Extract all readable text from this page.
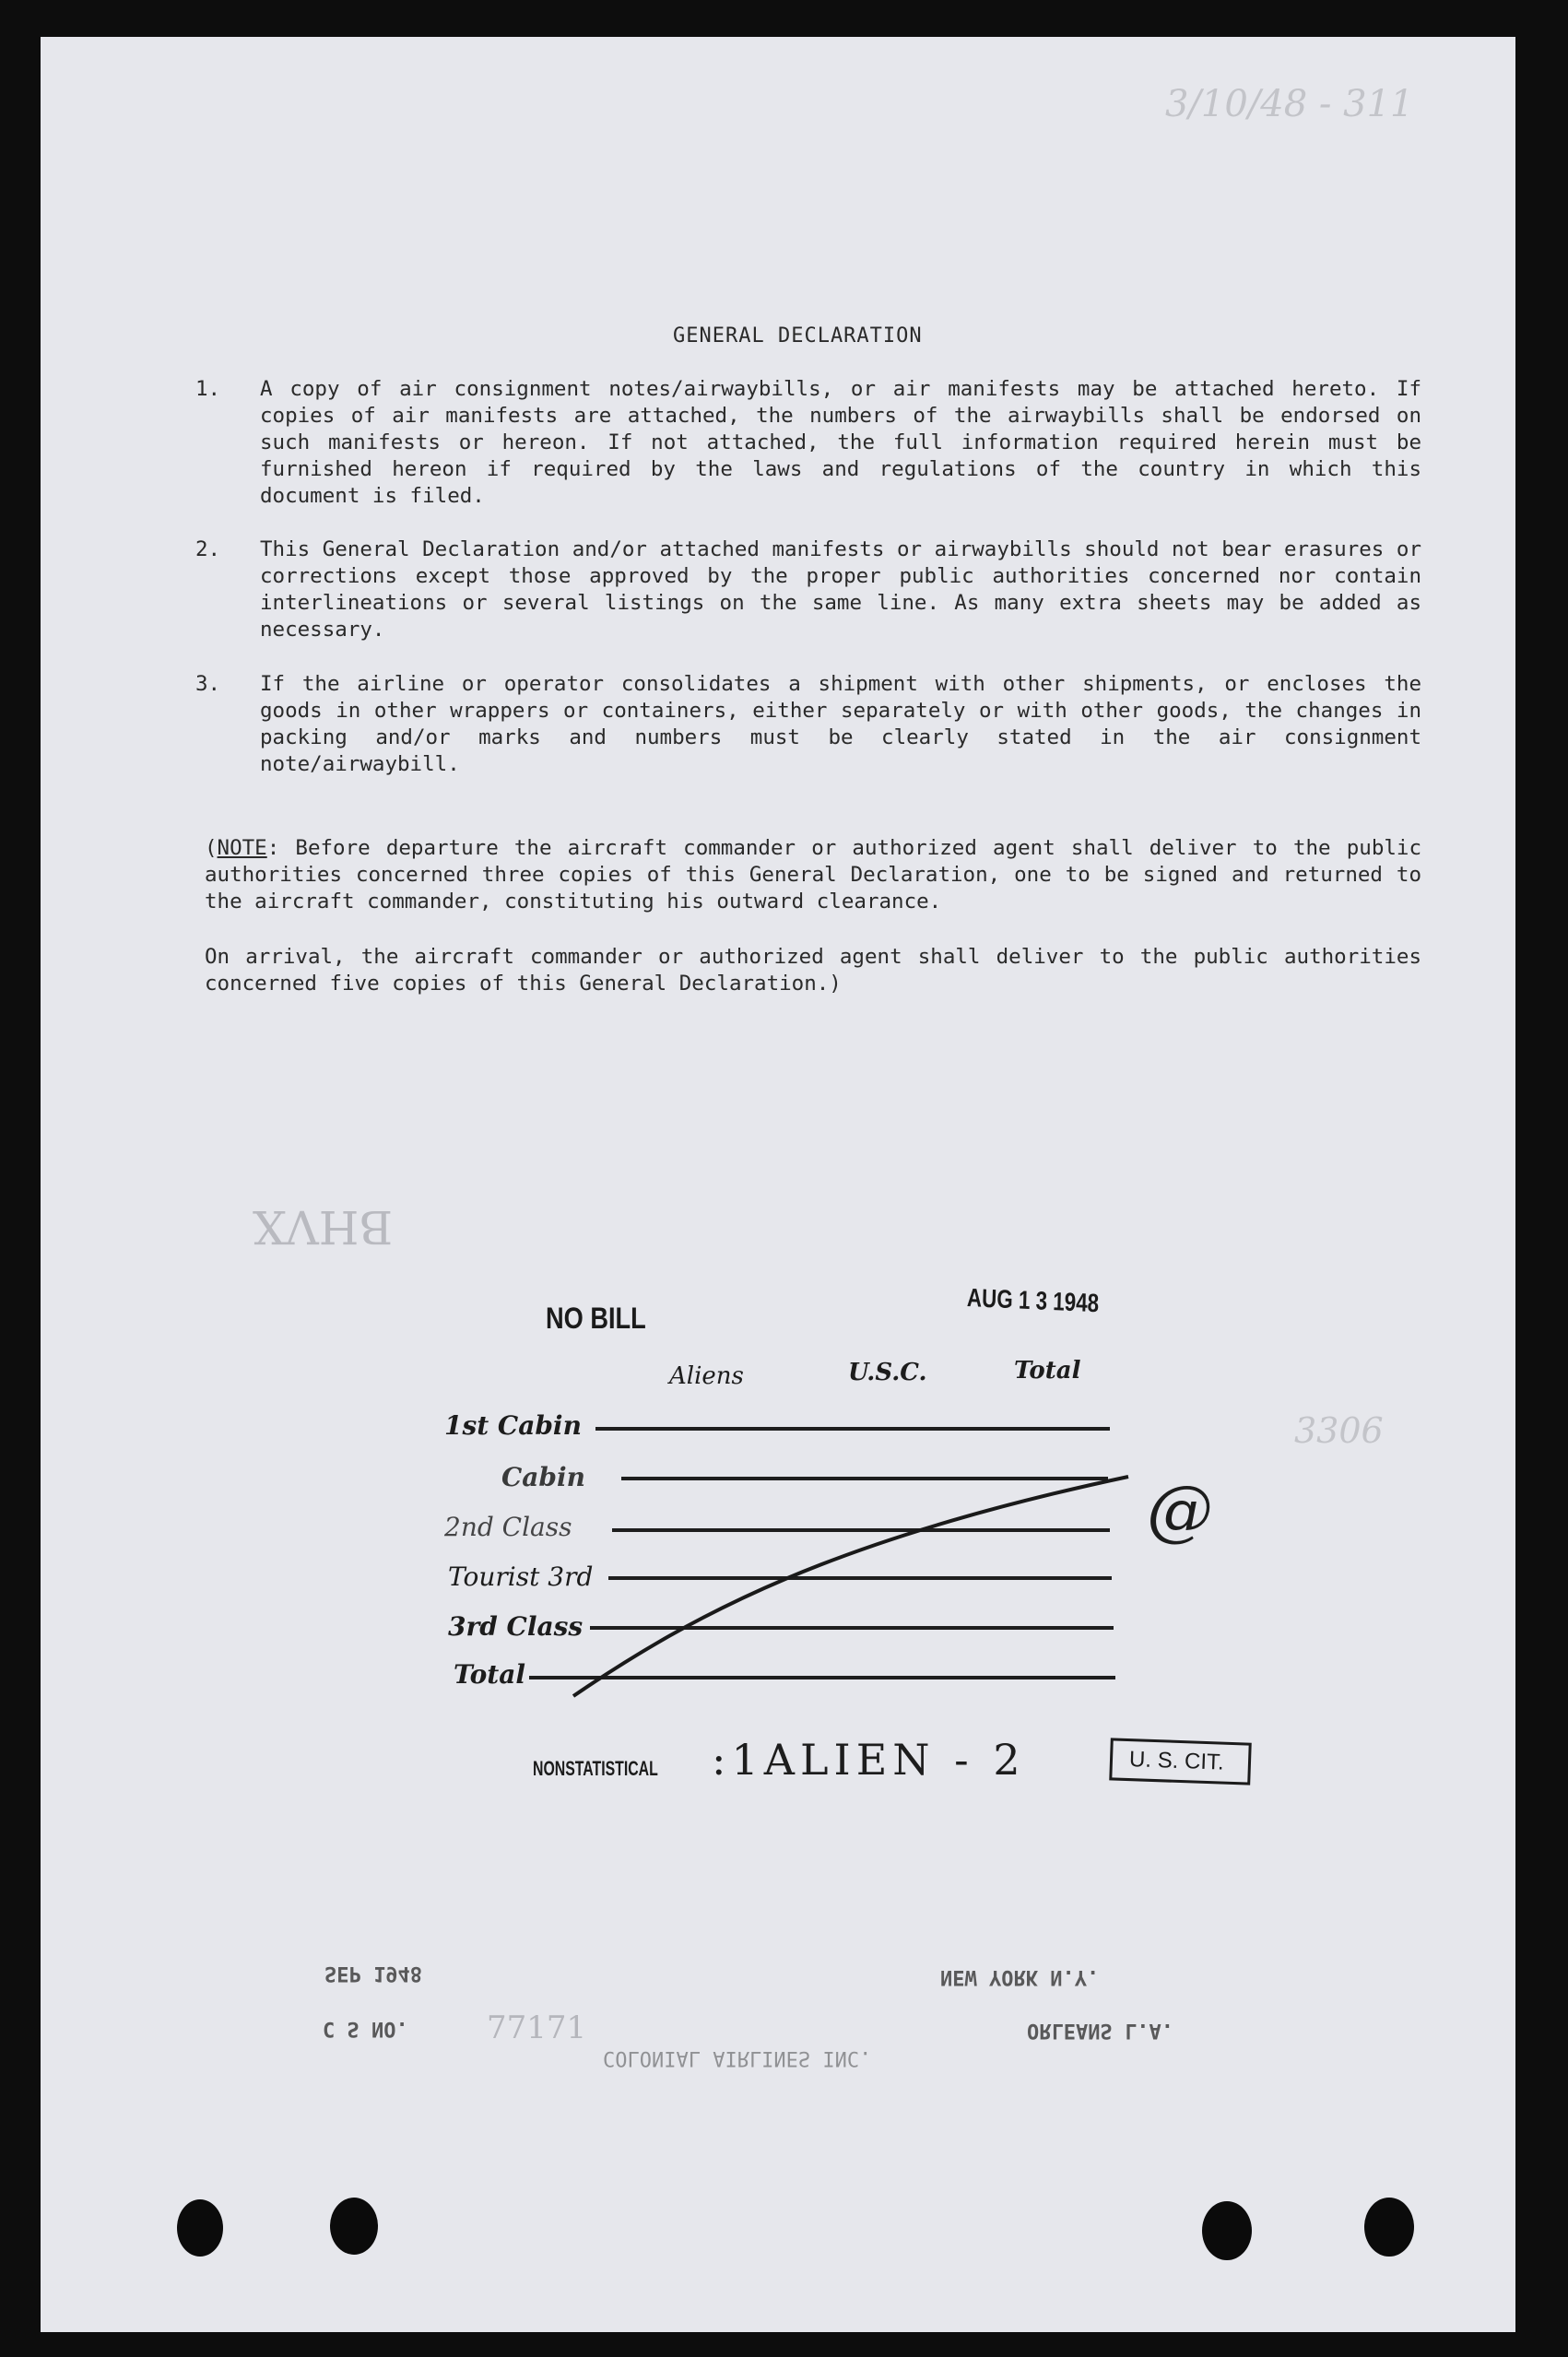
3/10/48 - 311
3306
BHVX
GENERAL DECLARATION
1. A copy of air consignment notes/airwaybills, or air manifests may be attached hereto. If copies of air manifests are attached, the numbers of the airwaybills shall be endorsed on such manifests or hereon. If not attached, the full information required herein must be furnished hereon if required by the laws and regulations of the country in which this document is filed.
2. This General Declaration and/or attached manifests or airwaybills should not bear erasures or corrections except those approved by the proper public authorities concerned nor contain interlineations or several listings on the same line. As many extra sheets may be added as necessary.
3. If the airline or operator consolidates a shipment with other shipments, or encloses the goods in other wrappers or containers, either separately or with other goods, the changes in packing and/or marks and numbers must be clearly stated in the air consignment note/airwaybill.
(NOTE: Before departure the aircraft commander or authorized agent shall deliver to the public authorities concerned three copies of this General Declaration, one to be signed and returned to the aircraft commander, constituting his outward clearance.
On arrival, the aircraft commander or authorized agent shall deliver to the public authorities concerned five copies of this General Declaration.)
NO BILL
AUG 1 3 1948
Aliens	U.S.C.	Total
1st Cabin
Cabin
2nd Class
Tourist 3rd
3rd Class
Total
@
NONSTATISTICAL :1ALIEN - 2	U. S. CIT.
SEP 1948	NEW YORK N.Y.
C S NO.	77171	ORLEANS L.A.
COLONIAL AIRLINES INC.
